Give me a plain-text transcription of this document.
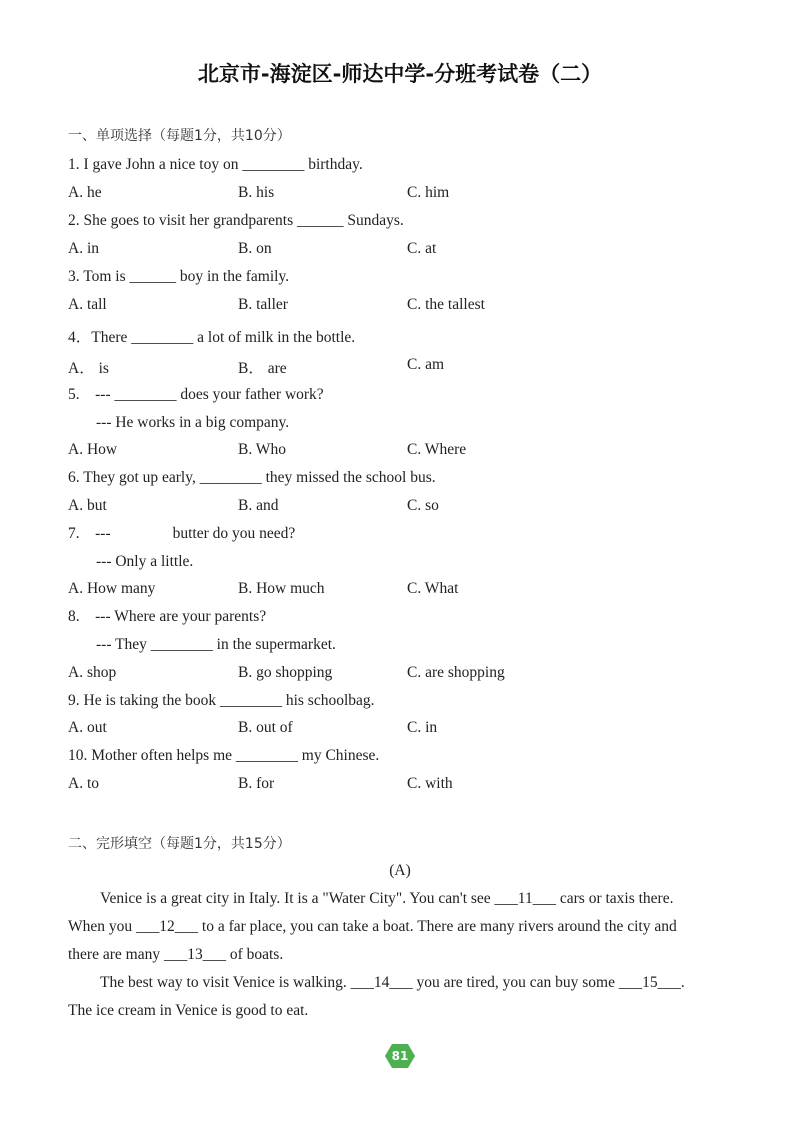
北京市-海淀区-师达中学-分班考试卷（二）
一、单项选择（每题1分，共10分）
1. I gave John a nice toy on ________ birthday.
A. he	B. his	C. him
2. She goes to visit her grandparents ______ Sundays.
A. in	B. on	C. at
3. Tom is ______ boy in the family.
A. tall	B. taller	C. the tallest
4．There ________ a lot of milk in the bottle.
A． is	B． are	C. am
5.    --- ________ does your father work?
--- He works in a big company.
A. How	B. Who	C. Where
6. They got up early, ________ they missed the school bus.
A. but	B. and	C. so
7.    ---                butter do you need?
--- Only a little.
A. How many	B. How much	C. What
8.    --- Where are your parents?
--- They ________ in the supermarket.
A. shop	B. go shopping	C. are shopping
9. He is taking the book ________ his schoolbag.
A. out	B. out of	C. in
10. Mother often helps me ________ my Chinese.
A. to	B. for	C. with
二、完形填空（每题1分，共15分）
(A)
Venice is a great city in Italy. It is a "Water City". You can't see ___11___ cars or taxis there. When you ___12___ to a far place, you can take a boat. There are many rivers around the city and there are many ___13___ of boats.
The best way to visit Venice is walking. ___14___ you are tired, you can buy some ___15___. The ice cream in Venice is good to eat.
81
